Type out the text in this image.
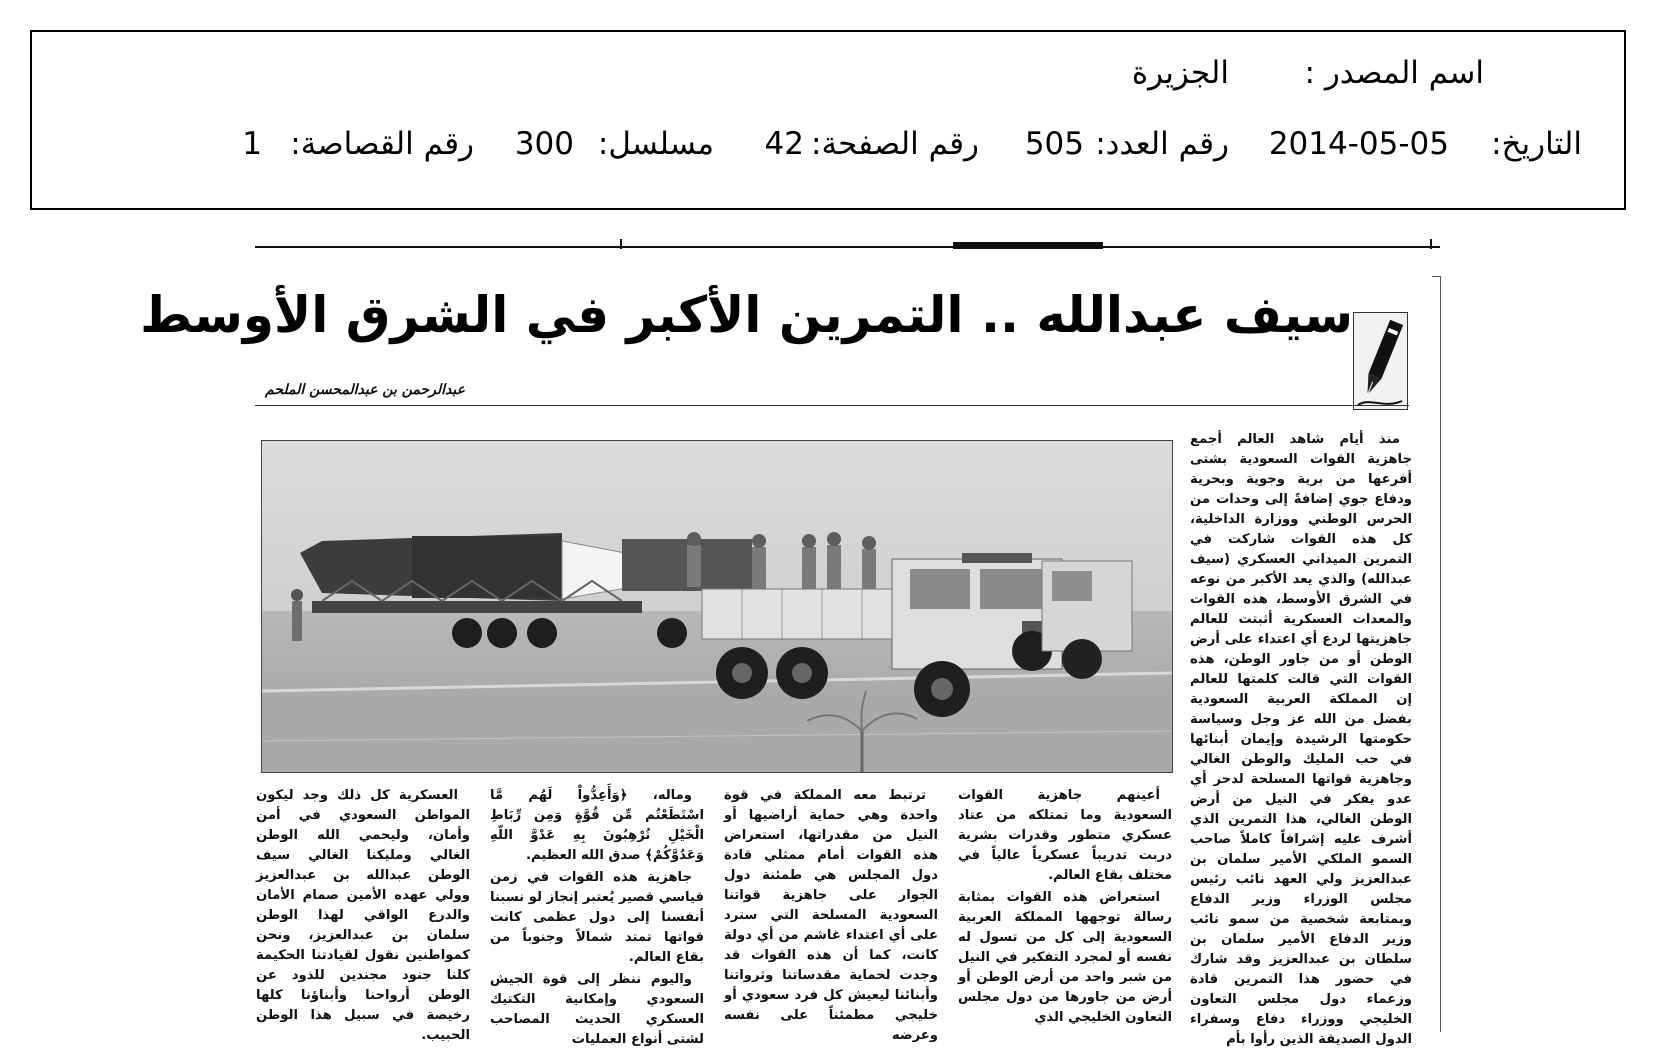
اسم المصدر :
الجزيرة
التاريخ:
2014-05-05
رقم العدد:
505
رقم الصفحة:
42
مسلسل:
300
رقم القصاصة:
1
سيف عبدالله .. التمرين الأكبر في الشرق الأوسط
عبدالرحمن بن عبدالمحسن الملحم

منذ أيام شاهد العالم أجمع جاهزية القوات السعودية بشتى أفرعها من برية وجوية وبحرية ودفاع جوي إضافةً إلى وحدات من الحرس الوطني ووزارة الداخلية، كل هذه القوات شاركت في التمرين الميداني العسكري (سيف عبدالله) والذي يعد الأكبر من نوعه في الشرق الأوسط، هذه القوات والمعدات العسكرية أثبتت للعالم جاهزيتها لردع أي اعتداء على أرض الوطن أو من جاور الوطن، هذه القوات التي قالت كلمتها للعالم إن المملكة العربية السعودية بفضل من الله عز وجل وسياسة حكومتها الرشيدة وإيمان أبنائها في حب المليك والوطن الغالي وجاهزية قواتها المسلحة لدحر أي عدو يفكر في النيل من أرض الوطن الغالي، هذا التمرين الذي أشرف عليه إشرافاً كاملاً صاحب السمو الملكي الأمير سلمان بن عبدالعزيز ولي العهد نائب رئيس مجلس الوزراء وزير الدفاع وبمتابعة شخصية من سمو نائب وزير الدفاع الأمير سلمان بن سلطان بن عبدالعزيز وقد شارك في حضور هذا التمرين قادة وزعماء دول مجلس التعاون الخليجي ووزراء دفاع وسفراء الدول الصديقة الذين رأوا بأم

أعينهم جاهزية القوات السعودية وما تمتلكه من عتاد عسكري متطور وقدرات بشرية دربت تدريباً عسكرياً عالياً في مختلف بقاع العالم.

استعراض هذه القوات بمثابة رسالة توجهها المملكة العربية السعودية إلى كل من تسول له نفسه أو لمجرد التفكير في النيل من شبر واحد من أرض الوطن أو أرض من جاورها من دول مجلس التعاون الخليجي الذي

ترتبط معه المملكة في قوة واحدة وهي حماية أراضيها أو النيل من مقدراتها، استعراض هذه القوات أمام ممثلي قادة دول المجلس هي طمئنة دول الجوار على جاهزية قواتنا السعودية المسلحة التي سترد على أي اعتداء غاشم من أي دولة كانت، كما أن هذه القوات قد وجدت لحماية مقدساتنا وثرواتنا وأبنائنا ليعيش كل فرد سعودي أو خليجي مطمئناً على نفسه وعرضه

وماله، ﴿وَأَعِدُّواْ لَهُم مَّا اسْتَطَعْتُم مِّن قُوَّةٍ وَمِن رِّبَاطِ الْخَيْلِ تُرْهِبُونَ بِهِ عَدْوَّ اللّهِ وَعَدُوَّكُمْ﴾ صدق الله العظيم.

جاهزية هذه القوات في زمن قياسي قصير يُعتبر إنجاز لو نسبنا أنفسنا إلى دول عظمى كانت قواتها تمتد شمالاً وجنوباً من بقاع العالم.

واليوم ننظر إلى قوة الجيش السعودي وإمكانية التكتيك العسكري الحديث المصاحب لشتى أنواع العمليات

العسكرية كل ذلك وجد ليكون المواطن السعودي في أمن وأمان، وليحمي الله الوطن الغالي ومليكنا الغالي سيف الوطن عبدالله بن عبدالعزيز وولي عهده الأمين صمام الأمان والدرع الواقي لهذا الوطن سلمان بن عبدالعزيز، ونحن كمواطنين نقول لقيادتنا الحكيمة كلنا جنود مجندين للذود عن الوطن أرواحنا وأبناؤنا كلها رخيصة في سبيل هذا الوطن الحبيب.
